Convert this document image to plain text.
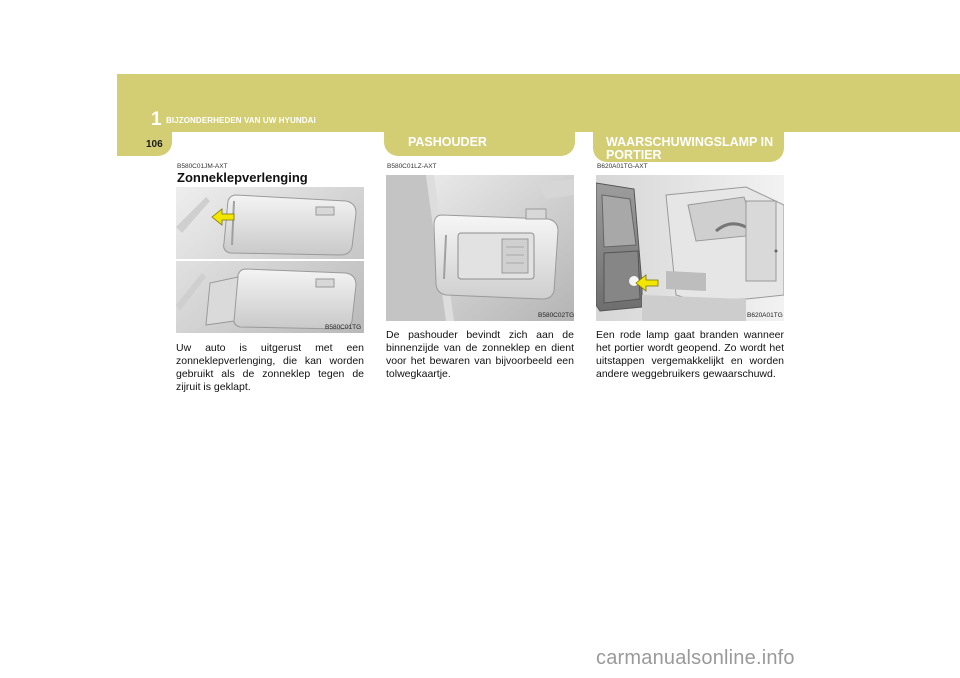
1 BIJZONDERHEDEN VAN UW HYUNDAI
106	PASHOUDER	WAARSCHUWINGSLAMP IN
PORTIER
B580C01JM-AXT
Zonneklepverlenging
B580C01TG
Uw auto is uitgerust met een zonneklepverlenging, die kan worden gebruikt als de zonneklep tegen de zijruit is geklapt.
B580C01LZ-AXT
B580C02TG
De pashouder bevindt zich aan de binnenzijde van de zonneklep en dient voor het bewaren van bijvoorbeeld een tolwegkaartje.
B620A01TG-AXT
B620A01TG
Een rode lamp gaat branden wanneer het portier wordt geopend. Zo wordt het uitstappen vergemakkelijkt en worden andere weggebruikers gewaarschuwd.
carmanualsonline.info
